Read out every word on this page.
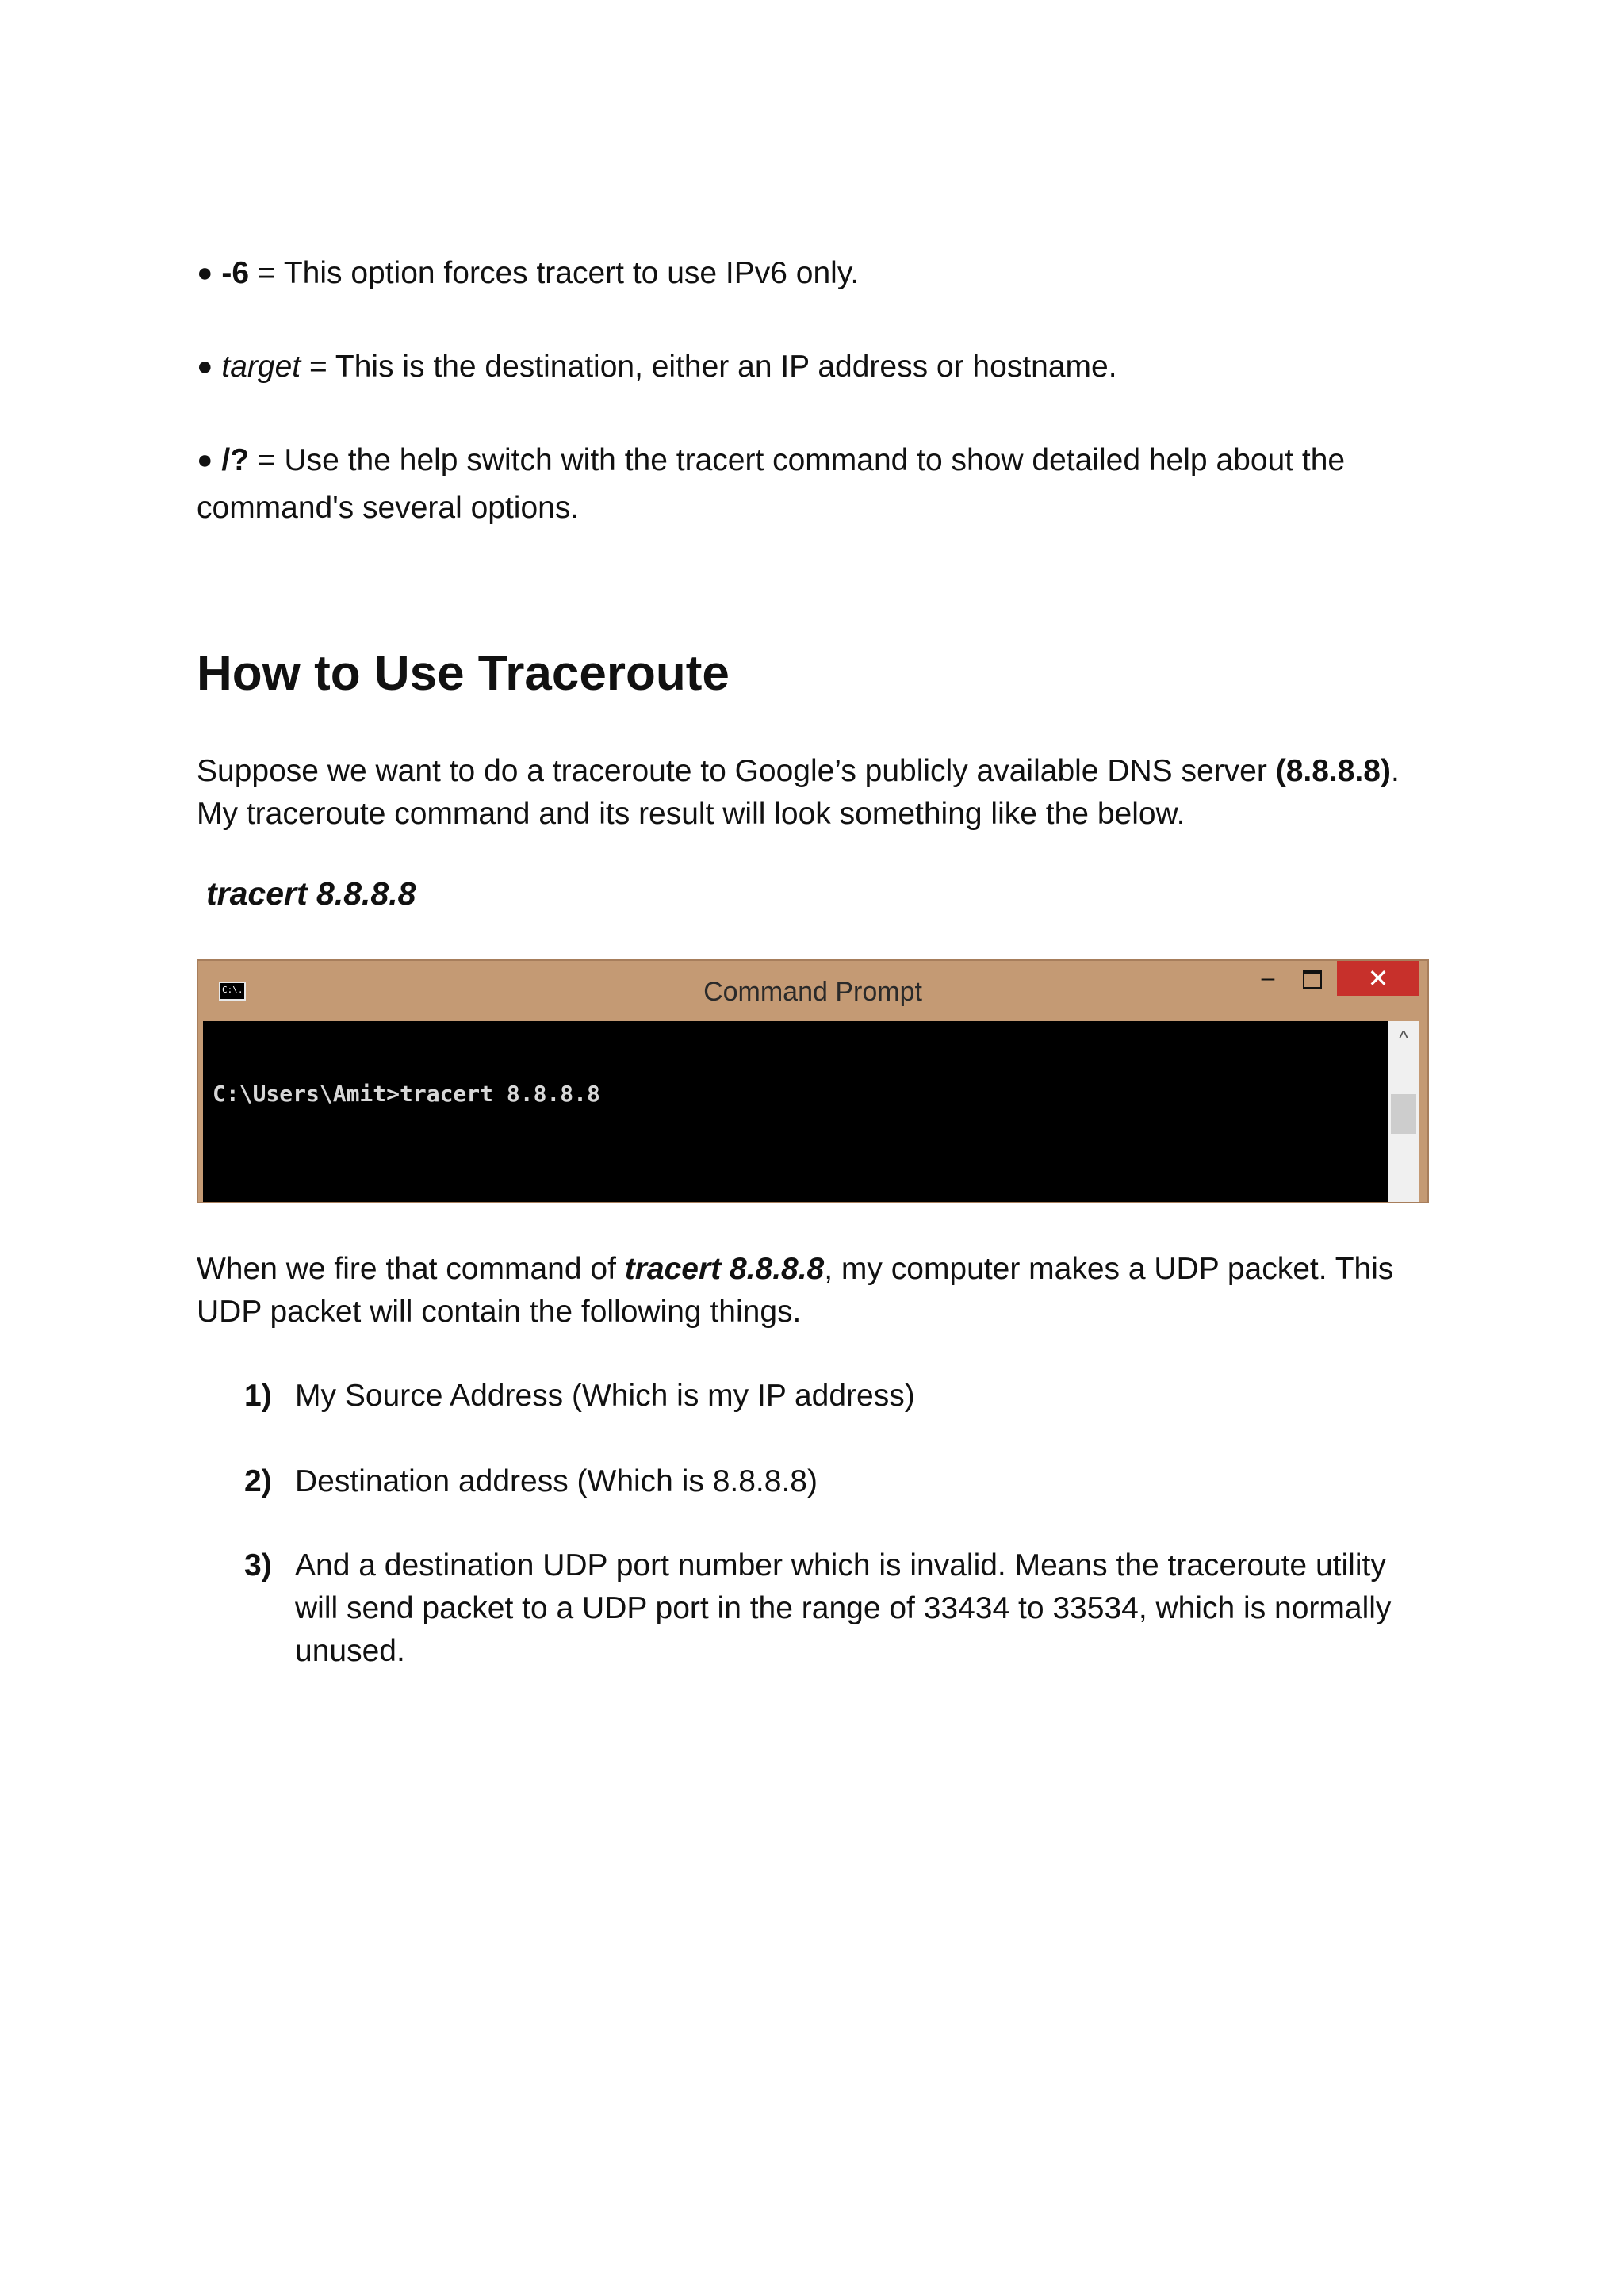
● -6 = This option forces tracert to use IPv6 only.
● target = This is the destination, either an IP address or hostname.
● /? = Use the help switch with the tracert command to show detailed help about the command's several options.
How to Use Traceroute

Suppose we want to do a traceroute to Google’s publicly available DNS server (8.8.8.8). My traceroute command and its result will look something like the below.

tracert 8.8.8.8
C:\.	Command Prompt	–	✕

C:\Users\Amit>tracert 8.8.8.8

^

When we fire that command of tracert 8.8.8.8, my computer makes a UDP packet. This UDP packet will contain the following things.

1) My Source Address (Which is my IP address)
2) Destination address (Which is 8.8.8.8)
3) And a destination UDP port number which is invalid. Means the traceroute utility will send packet to a UDP port in the range of 33434 to 33534, which is normally unused.
